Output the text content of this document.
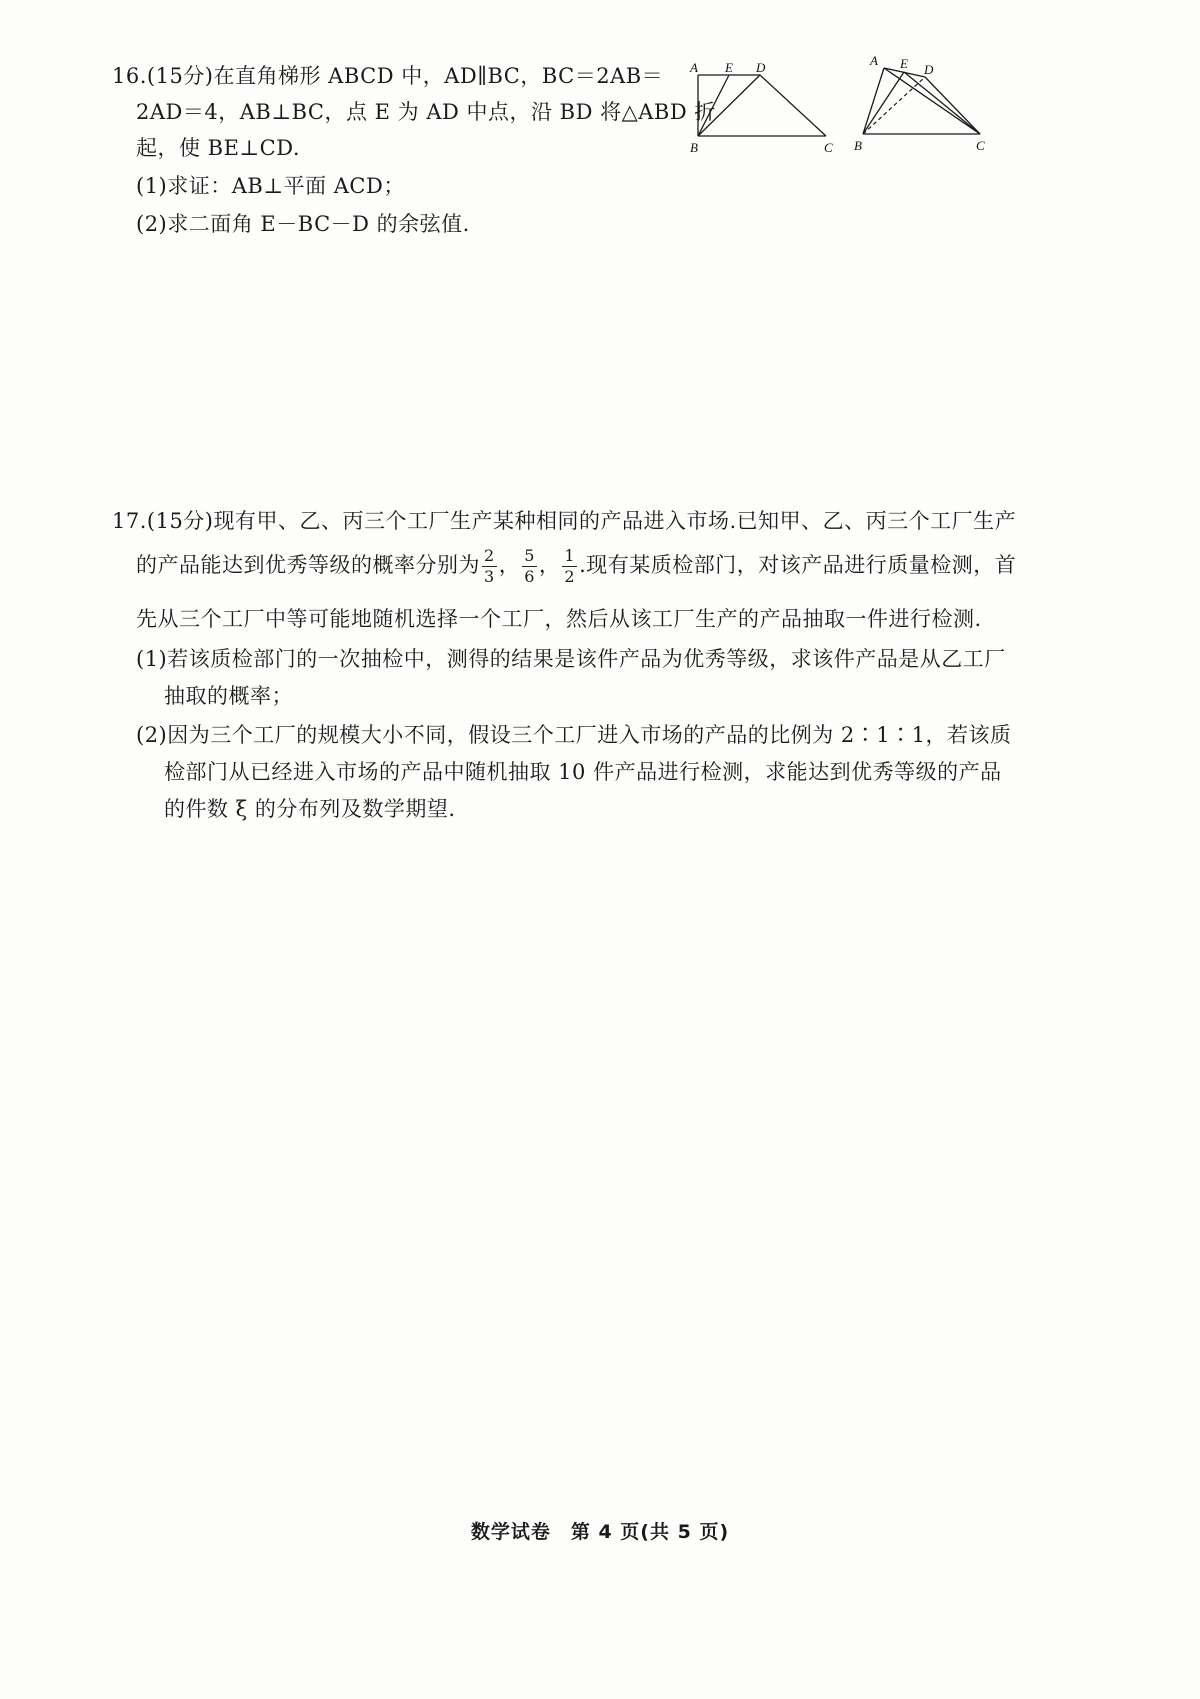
16.(15分)在直角梯形 ABCD 中，AD∥BC，BC＝2AB＝
2AD＝4，AB⊥BC，点 E 为 AD 中点，沿 BD 将△ABD 折
起，使 BE⊥CD.
(1)求证：AB⊥平面 ACD；
(2)求二面角 E－BC－D 的余弦值.
A E D
B	C
A E D
B	C
17.(15分)现有甲、乙、丙三个工厂生产某种相同的产品进入市场.已知甲、乙、丙三个工厂生产
的产品能达到优秀等级的概率分别为 $\frac{2}{3}$ ， $\frac{5}{6}$ ， $\frac{1}{2}$ .现有某质检部门，对该产品进行质量检测，首
先从三个工厂中等可能地随机选择一个工厂，然后从该工厂生产的产品抽取一件进行检测.
(1)若该质检部门的一次抽检中，测得的结果是该件产品为优秀等级，求该件产品是从乙工厂
抽取的概率；
(2)因为三个工厂的规模大小不同，假设三个工厂进入市场的产品的比例为 2∶1∶1，若该质
检部门从已经进入市场的产品中随机抽取 10 件产品进行检测，求能达到优秀等级的产品
的件数 ξ 的分布列及数学期望.
数学试卷　第 4 页(共 5 页)
